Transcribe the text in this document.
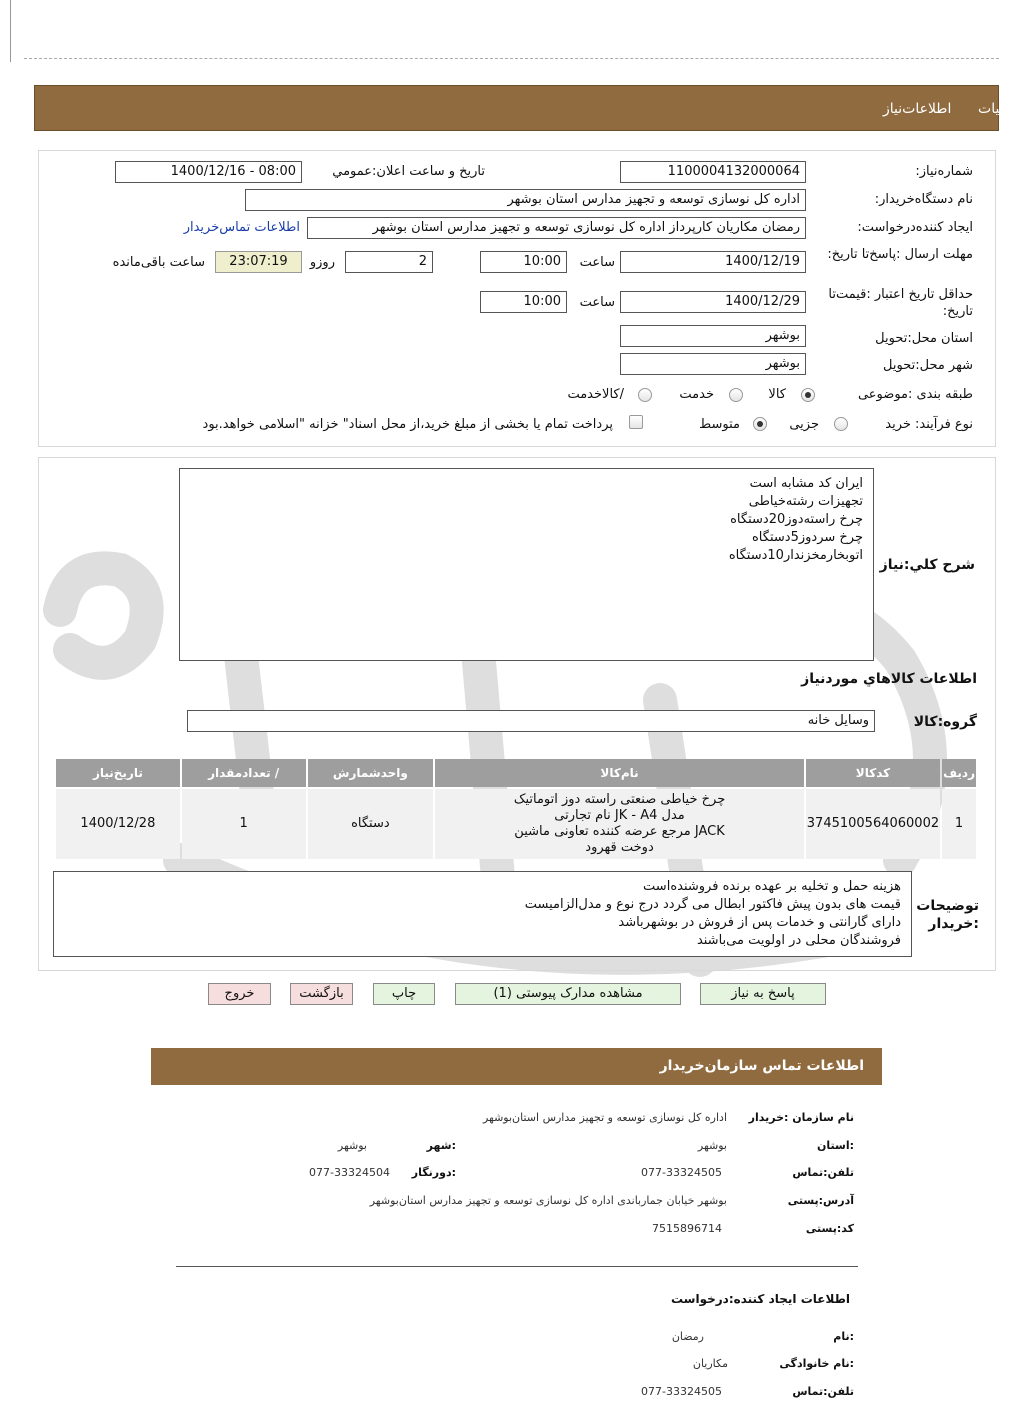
جزئیات
اطلاعات‌نیاز
شماره‌نیاز:
1100004132000064
تاریخ و ساعت اعلان:عمومي
1400/12/16 - 08:00
نام دستگاه‌خریدار:
اداره کل نوسازی توسعه و تجهیز مدارس استان بوشهر
ایجاد کننده‌درخواست:
رمضان مکاریان کارپرداز اداره کل نوسازی توسعه و تجهیز مدارس استان بوشهر
اطلاعات تماس‌خریدار
مهلت ارسال :پاسخ‌تا تاریخ:
1400/12/19
ساعت
10:00
2
روزو
23:07:19
ساعت باقی‌مانده
حداقل تاریخ اعتبار :قیمت‌تا تاریخ:
1400/12/29
ساعت
10:00
استان محل:تحویل
بوشهر
شهر محل:تحویل
بوشهر
طبقه بندی :موضوعی
کالا
خدمت
/کالاخدمت
نوع فرآیند: خرید
جزیی
متوسط
پرداخت تمام یا بخشی از مبلغ خرید،از محل اسناد" خزانه "اسلامی خواهد.بود
شرح کلي:نياز
ایران کد مشابه است
تجهیزات رشته‌خیاطی
چرخ راسته‌دوز20دستگاه
چرخ سردوز5دستگاه
اتوبخارمخزندار10دستگاه
اطلاعات کالاهاي موردنياز
گروه:کالا
وسایل خانه
ردیف	کدکالا	نام‌کالا	واحدشمارش	/ تعدادمقدار	تاریخ‌نیاز
1	3745100564060002	چرخ خیاطی صنعتی راسته دوز اتوماتیک
مدل JK - A4 نام تجارتی
JACK مرجع عرضه کننده تعاونی ماشین
دوخت قهرود	دستگاه	1	1400/12/28
توضیحات
:خریدار
هزینه حمل و تخلیه بر عهده برنده فروشنده‌است
قیمت های بدون پیش فاکتور ابطال می گردد درج نوع و مدل‌الزامیست
دارای گارانتی و خدمات پس از فروش در بوشهرباشد
فروشندگان محلی در اولویت می‌باشند
پاسخ به نیاز
مشاهده مدارک پیوستی (1)
چاپ
بازگشت
خروج
اطلاعات تماس سازمان‌خریدار
نام سازمان :خریدار
اداره کل نوسازی توسعه و تجهیز مدارس استان‌بوشهر
:استان
بوشهر
:شهر
بوشهر
تلفن:تماس
077-33324505
:دورنگار
077-33324504
آدرس:پستی
بوشهر خیابان جمارباندی اداره کل نوسازی توسعه و تجهیز مدارس استان‌بوشهر
کد:پستی
7515896714
اطلاعات ایجاد کننده:درخواست
:نام
رمضان
:نام خانوادگی
مکاریان
تلفن:تماس
077-33324505
